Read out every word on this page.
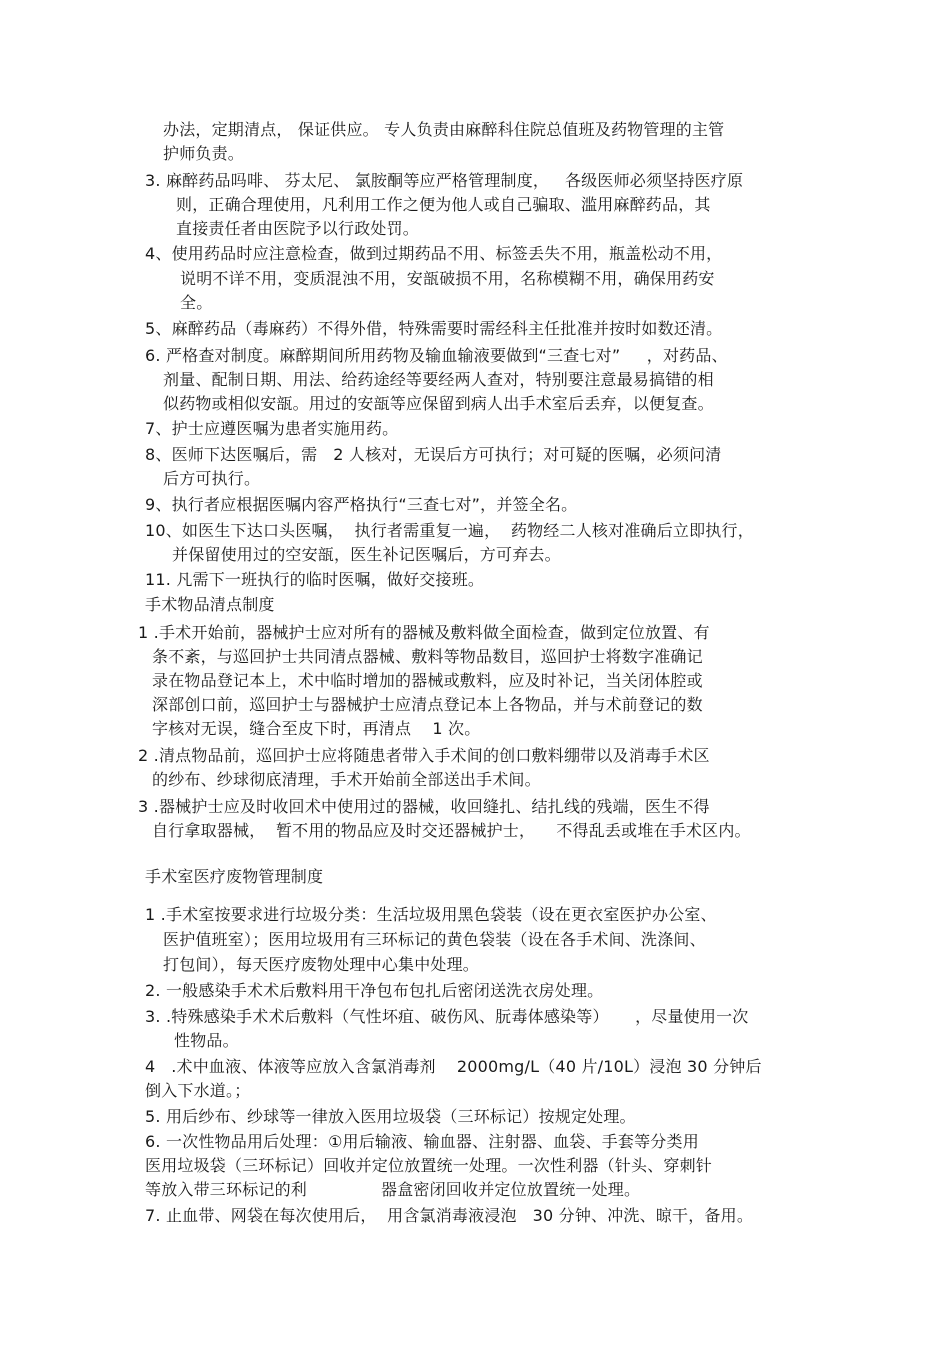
办法，定期清点， 保证供应。 专人负责由麻醉科住院总值班及药物管理的主管
护师负责。
3. 麻醉药品吗啡、 芬太尼、 氯胺酮等应严格管理制度，   各级医师必须坚持医疗原
则，正确合理使用，凡利用工作之便为他人或自己骗取、滥用麻醉药品，其
直接责任者由医院予以行政处罚。
4、使用药品时应注意检查，做到过期药品不用、标签丢失不用，瓶盖松动不用，
说明不详不用，变质混浊不用，安瓿破损不用，名称模糊不用，确保用药安
全。
5、麻醉药品（毒麻药）不得外借，特殊需要时需经科主任批准并按时如数还清。
6. 严格查对制度。麻醉期间所用药物及输血输液要做到“三查七对”     ，对药品、
剂量、配制日期、用法、给药途经等要经两人查对，特别要注意最易搞错的相
似药物或相似安瓿。用过的安瓿等应保留到病人出手术室后丢弃，以便复查。
7、护士应遵医嘱为患者实施用药。
8、医师下达医嘱后，需   2 人核对，无误后方可执行；对可疑的医嘱，必须问清
后方可执行。
9、执行者应根据医嘱内容严格执行“三查七对”，并签全名。
10、如医生下达口头医嘱，  执行者需重复一遍，  药物经二人核对准确后立即执行，
并保留使用过的空安瓿，医生补记医嘱后，方可弃去。
11. 凡需下一班执行的临时医嘱，做好交接班。
手术物品清点制度
1 .手术开始前，器械护士应对所有的器械及敷料做全面检查，做到定位放置、有
条不紊，与巡回护士共同清点器械、敷料等物品数目，巡回护士将数字准确记
录在物品登记本上，术中临时增加的器械或敷料，应及时补记，当关闭体腔或
深部创口前，巡回护士与器械护士应清点登记本上各物品，并与术前登记的数
字核对无误，缝合至皮下时，再清点    1 次。
2 .清点物品前，巡回护士应将随患者带入手术间的创口敷料绷带以及消毒手术区
的纱布、纱球彻底清理，手术开始前全部送出手术间。
3 .器械护士应及时收回术中使用过的器械，收回缝扎、结扎线的残端，医生不得
自行拿取器械，  暂不用的物品应及时交还器械护士，    不得乱丢或堆在手术区内。
手术室医疗废物管理制度
1 .手术室按要求进行垃圾分类：生活垃圾用黑色袋装（设在更衣室医护办公室、
医护值班室）；医用垃圾用有三环标记的黄色袋装（设在各手术间、洗涤间、
打包间），每天医疗废物处理中心集中处理。
2. 一般感染手术术后敷料用干净包布包扎后密闭送洗衣房处理。
3. .特殊感染手术术后敷料（气性坏疽、破伤风、朊毒体感染等）     ，尽量使用一次
性物品。
4   .术中血液、体液等应放入含氯消毒剂    2000mg/L（40 片/10L）浸泡 30 分钟后
倒入下水道。；
5. 用后纱布、纱球等一律放入医用垃圾袋（三环标记）按规定处理。
6. 一次性物品用后处理：①用后输液、输血器、注射器、血袋、手套等分类用
医用垃圾袋（三环标记）回收并定位放置统一处理。一次性利器（针头、穿刺针
等放入带三环标记的利              器盒密闭回收并定位放置统一处理。
7. 止血带、网袋在每次使用后，  用含氯消毒液浸泡   30 分钟、冲洗、晾干，备用。
